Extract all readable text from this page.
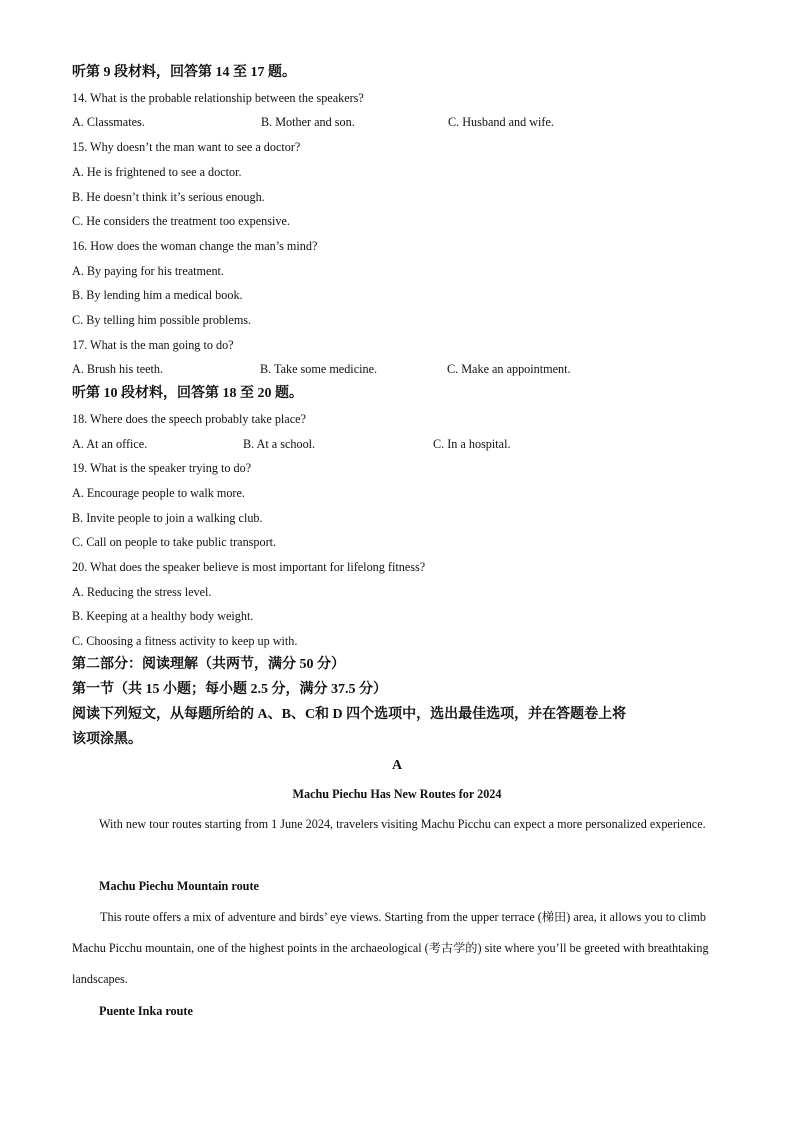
听第 9 段材料，回答第 14 至 17 题。
14. What is the probable relationship between the speakers?
A. Classmates.	B. Mother and son.	C. Husband and wife.
15. Why doesn’t the man want to see a doctor?
A. He is frightened to see a doctor.
B. He doesn’t think it’s serious enough.
C. He considers the treatment too expensive.
16. How does the woman change the man’s mind?
A. By paying for his treatment.
B. By lending him a medical book.
C. By telling him possible problems.
17. What is the man going to do?
A. Brush his teeth.	B. Take some medicine.	C. Make an appointment.
听第 10 段材料，回答第 18 至 20 题。
18. Where does the speech probably take place?
A. At an office.	B. At a school.	C. In a hospital.
19. What is the speaker trying to do?
A. Encourage people to walk more.
B. Invite people to join a walking club.
C. Call on people to take public transport.
20. What does the speaker believe is most important for lifelong fitness?
A. Reducing the stress level.
B. Keeping at a healthy body weight.
C. Choosing a fitness activity to keep up with.
第二部分：阅读理解（共两节，满分 50 分）
第一节（共 15 小题；每小题 2.5 分，满分 37.5 分）
阅读下列短文，从每题所给的 A、B、C和 D 四个选项中，选出最佳选项，并在答题卷上将
该项涂黑。
A
Machu Piechu Has New Routes for 2024
With new tour routes starting from 1 June 2024, travelers visiting Machu Picchu can expect a more personalized experience.
Machu Piechu Mountain route
This route offers a mix of adventure and birds’ eye views. Starting from the upper terrace (梯田) area, it allows you to climb Machu Picchu mountain, one of the highest points in the archaeological (考古学的) site where you’ll be greeted with breathtaking landscapes.
Puente Inka route
